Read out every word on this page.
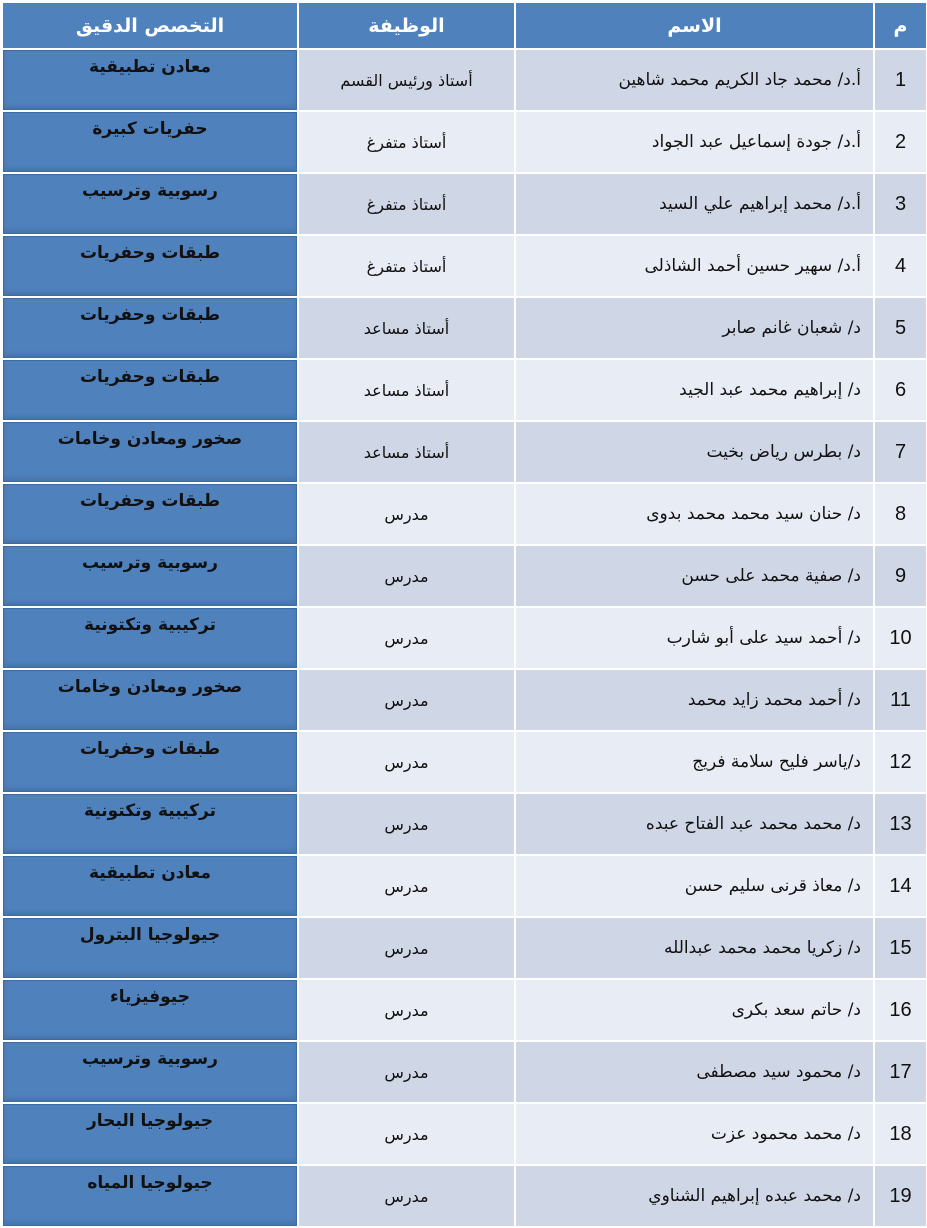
م	الاسم	الوظيفة	التخصص الدقيق
1	أ.د/ محمد جاد الكريم محمد شاهين	أستاذ ورئيس القسم	معادن تطبيقية
2	أ.د/ جودة إسماعيل عبد الجواد	أستاذ متفرغ	حفريات كبيرة
3	أ.د/ محمد إبراهيم علي السيد	أستاذ متفرغ	رسوبية وترسيب
4	أ.د/ سهير حسين أحمد الشاذلى	أستاذ متفرغ	طبقات وحفريات
5	د/ شعبان غانم صابر	أستاذ مساعد	طبقات وحفريات
6	د/ إبراهيم محمد عبد الجيد	أستاذ مساعد	طبقات وحفريات
7	د/ بطرس رياض بخيت	أستاذ مساعد	صخور ومعادن وخامات
8	د/ حنان سيد محمد محمد بدوى	مدرس	طبقات وحفريات
9	د/ صفية محمد على حسن	مدرس	رسوبية وترسيب
10	د/ أحمد سيد على أبو شارب	مدرس	تركيبية وتكتونية
11	د/ أحمد محمد زايد محمد	مدرس	صخور ومعادن وخامات
12	د/ياسر فليح سلامة فريج	مدرس	طبقات وحفريات
13	د/ محمد محمد عبد الفتاح عبده	مدرس	تركيبية وتكتونية
14	د/ معاذ قرنى سليم حسن	مدرس	معادن تطبيقية
15	د/ زكريا محمد محمد عبدالله	مدرس	جيولوجيا البترول
16	د/ حاتم سعد بكرى	مدرس	جيوفيزياء
17	د/ محمود سيد مصطفى	مدرس	رسوبية وترسيب
18	د/ محمد محمود عزت	مدرس	جيولوجيا البحار
19	د/ محمد عبده إبراهيم الشناوي	مدرس	جيولوجيا المياه
